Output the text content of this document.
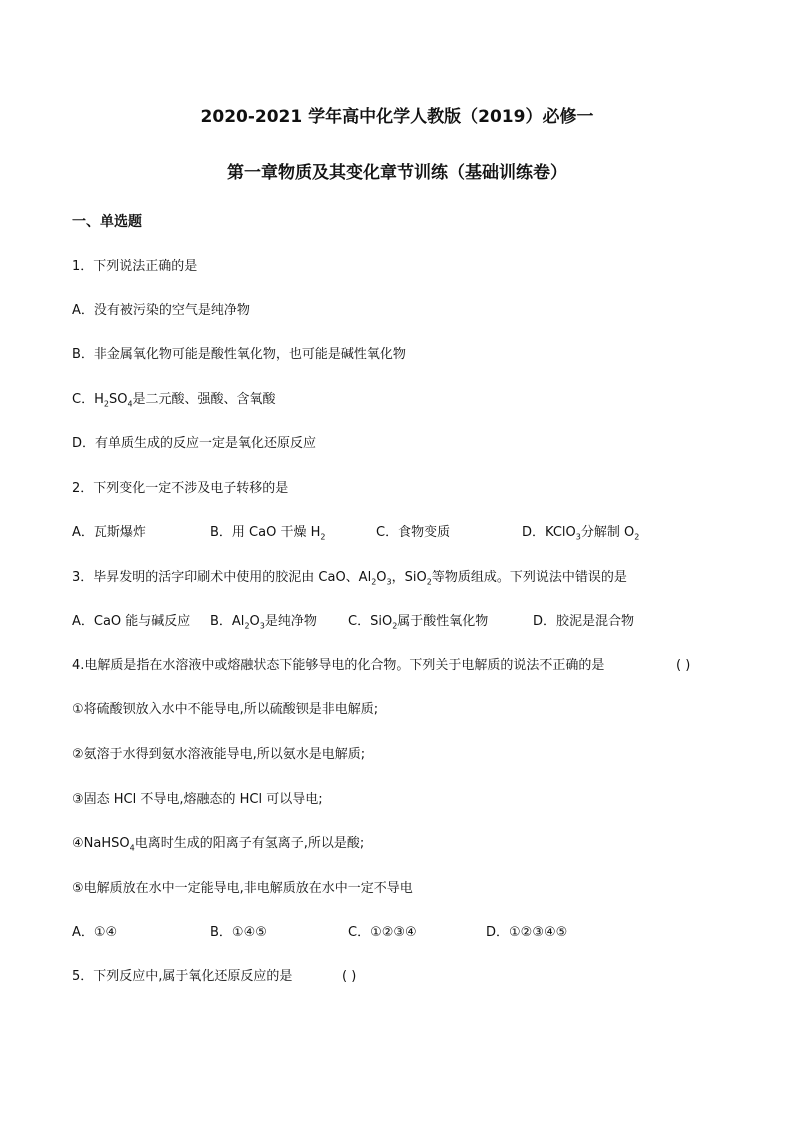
2020-2021 学年高中化学人教版（2019）必修一
第一章物质及其变化章节训练（基础训练卷）
一、单选题
1．下列说法正确的是
A．没有被污染的空气是纯净物
B．非金属氧化物可能是酸性氧化物，也可能是碱性氧化物
C．$H_2SO_4$是二元酸、强酸、含氧酸
D．有单质生成的反应一定是氧化还原反应
2．下列变化一定不涉及电子转移的是
A．瓦斯爆炸	B．用 CaO 干燥 $H_2$	C．食物变质	D．KClO$_3$分解制 $O_2$
3．毕昇发明的活字印刷术中使用的胶泥由 CaO、$Al_2O_3$，SiO$_2$等物质组成。下列说法中错误的是
A．CaO 能与碱反应 B．$Al_2O_3$是纯净物 C．SiO$_2$属于酸性氧化物	D．胶泥是混合物
4.电解质是指在水溶液中或熔融状态下能够导电的化合物。下列关于电解质的说法不正确的是	( )
①将硫酸钡放入水中不能导电,所以硫酸钡是非电解质;
②氨溶于水得到氨水溶液能导电,所以氨水是电解质;
③固态 HCl 不导电,熔融态的 HCl 可以导电;
④NaHSO$_4$电离时生成的阳离子有氢离子,所以是酸;
⑤电解质放在水中一定能导电,非电解质放在水中一定不导电
A．①④	B．①④⑤	C．①②③④	D．①②③④⑤
5．下列反应中,属于氧化还原反应的是	( )
